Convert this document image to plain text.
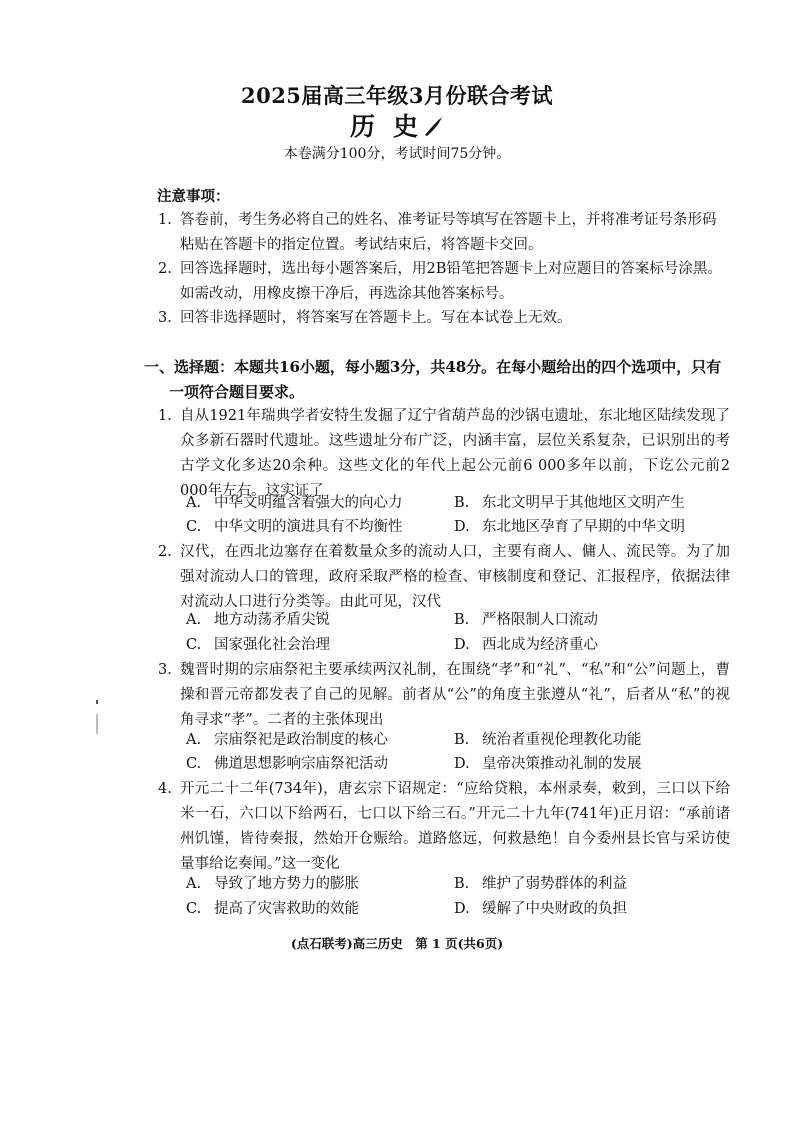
2025届高三年级3月份联合考试
历 史
本卷满分100分，考试时间75分钟。
注意事项：
1. 答卷前，考生务必将自己的姓名、准考证号等填写在答题卡上，并将准考证号条形码粘贴在答题卡的指定位置。考试结束后，将答题卡交回。
2. 回答选择题时，选出每小题答案后，用2B铅笔把答题卡上对应题目的答案标号涂黑。如需改动，用橡皮擦干净后，再选涂其他答案标号。
3. 回答非选择题时，将答案写在答题卡上。写在本试卷上无效。
一、选择题：本题共16小题，每小题3分，共48分。在每小题给出的四个选项中，只有一项符合题目要求。
1. 自从1921年瑞典学者安特生发掘了辽宁省葫芦岛的沙锅屯遗址，东北地区陆续发现了众多新石器时代遗址。这些遗址分布广泛，内涵丰富，层位关系复杂，已识别出的考古学文化多达20余种。这些文化的年代上起公元前6 000多年以前，下讫公元前2 000年左右。这实证了
A. 中华文明蕴含着强大的向心力	B. 东北文明早于其他地区文明产生
C. 中华文明的演进具有不均衡性	D. 东北地区孕育了早期的中华文明
2. 汉代，在西北边塞存在着数量众多的流动人口，主要有商人、傭人、流民等。为了加强对流动人口的管理，政府采取严格的检查、审核制度和登记、汇报程序，依据法律对流动人口进行分类等。由此可见，汉代
A. 地方动荡矛盾尖锐	B. 严格限制人口流动
C. 国家强化社会治理	D. 西北成为经济重心
3. 魏晋时期的宗庙祭祀主要承续两汉礼制，在围绕“孝”和“礼”、“私”和“公”问题上，曹操和晋元帝都发表了自己的见解。前者从“公”的角度主张遵从“礼”，后者从“私”的视角寻求“孝”。二者的主张体现出
A. 宗庙祭祀是政治制度的核心	B. 统治者重视伦理教化功能
C. 佛道思想影响宗庙祭祀活动	D. 皇帝决策推动礼制的发展
4. 开元二十二年(734年)，唐玄宗下诏规定：“应给贷粮，本州录奏，敕到，三口以下给米一石，六口以下给两石，七口以下给三石。”开元二十九年(741年)正月诏：“承前诸州饥馑，皆待奏报，然始开仓赈给。道路悠远，何救悬绝！自今委州县长官与采访使量事给讫奏闻。”这一变化
A. 导致了地方势力的膨胀	B. 维护了弱势群体的利益
C. 提高了灾害救助的效能	D. 缓解了中央财政的负担
(点石联考)高三历史　第 1 页(共6页)
